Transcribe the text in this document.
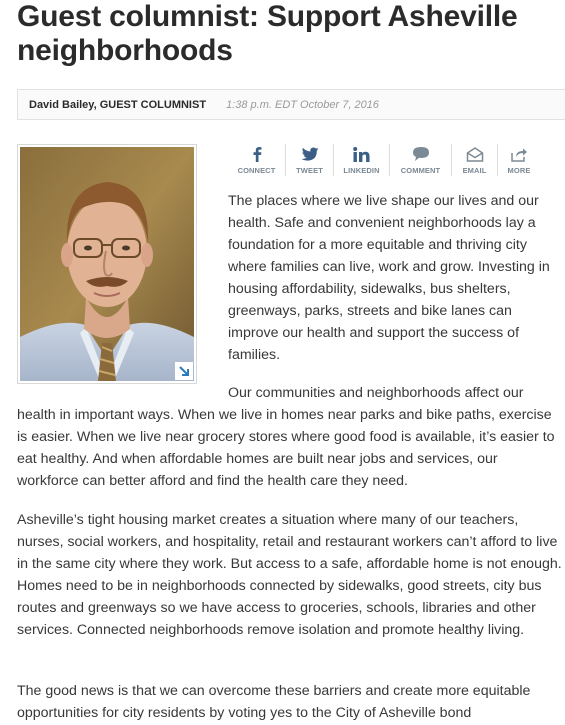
Guest columnist: Support Asheville neighborhoods
David Bailey, GUEST COLUMNIST 1:38 p.m. EDT October 7, 2016
CONNECT	TWEET	LINKEDIN	COMMENT	EMAIL	MORE

The places where we live shape our lives and our health. Safe and convenient neighborhoods lay a foundation for a more equitable and thriving city where families can live, work and grow. Investing in housing affordability, sidewalks, bus shelters, greenways, parks, streets and bike lanes can improve our health and support the success of families.

Our communities and neighborhoods affect our health in important ways. When we live in homes near parks and bike paths, exercise is easier. When we live near grocery stores where good food is available, it’s easier to eat healthy. And when affordable homes are built near jobs and services, our workforce can better afford and find the health care they need.

Asheville’s tight housing market creates a situation where many of our teachers, nurses, social workers, and hospitality, retail and restaurant workers can’t afford to live in the same city where they work. But access to a safe, affordable home is not enough. Homes need to be in neighborhoods connected by sidewalks, good streets, city bus routes and greenways so we have access to groceries, schools, libraries and other services. Connected neighborhoods remove isolation and promote healthy living.

The good news is that we can overcome these barriers and create more equitable opportunities for city residents by voting yes to the City of Asheville bond
